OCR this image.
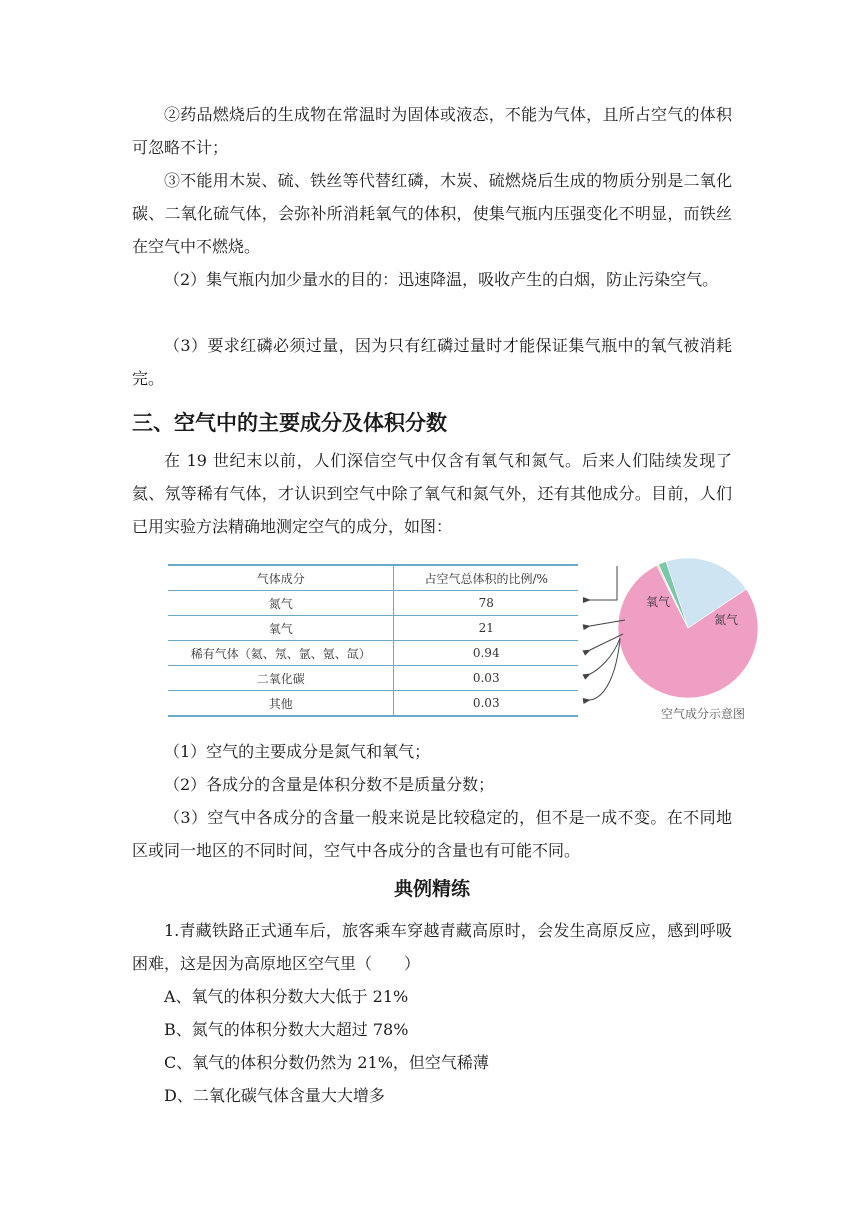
②药品燃烧后的生成物在常温时为固体或液态，不能为气体，且所占空气的体积可忽略不计；

③不能用木炭、硫、铁丝等代替红磷，木炭、硫燃烧后生成的物质分别是二氧化碳、二氧化硫气体，会弥补所消耗氧气的体积，使集气瓶内压强变化不明显，而铁丝在空气中不燃烧。

（2）集气瓶内加少量水的目的：迅速降温，吸收产生的白烟，防止污染空气。

（3）要求红磷必须过量，因为只有红磷过量时才能保证集气瓶中的氧气被消耗完。

三、空气中的主要成分及体积分数

在 19 世纪末以前，人们深信空气中仅含有氧气和氮气。后来人们陆续发现了氦、氖等稀有气体，才认识到空气中除了氧气和氮气外，还有其他成分。目前，人们已用实验方法精确地测定空气的成分，如图：

气体成分	占空气总体积的比例/%
氮气	78
氧气	21
稀有气体（氦、氖、氩、氪、氙）	0.94
二氧化碳	0.03
其他	0.03
氧气
氮气
空气成分示意图

（1）空气的主要成分是氮气和氧气；

（2）各成分的含量是体积分数不是质量分数；

（3）空气中各成分的含量一般来说是比较稳定的，但不是一成不变。在不同地区或同一地区的不同时间，空气中各成分的含量也有可能不同。

典例精练

1.青藏铁路正式通车后，旅客乘车穿越青藏高原时，会发生高原反应，感到呼吸困难，这是因为高原地区空气里（　　）

A、氧气的体积分数大大低于 21%

B、氮气的体积分数大大超过 78%

C、氧气的体积分数仍然为 21%，但空气稀薄

D、二氧化碳气体含量大大增多
